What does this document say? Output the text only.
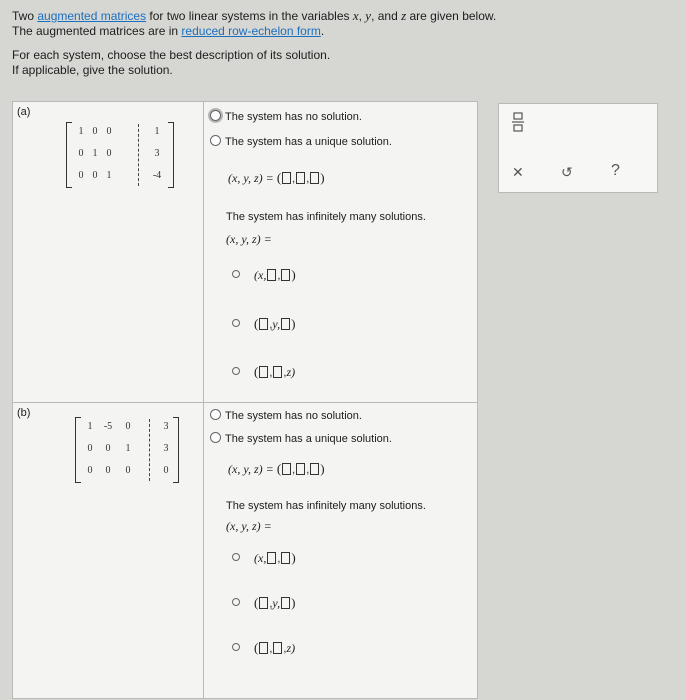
Two augmented matrices for two linear systems in the variables x, y, and z are given below.

The augmented matrices are in reduced row-echelon form.

For each system, choose the best description of its solution.

If applicable, give the solution.

(a)
1 0 0	1
0 1 0	3
0 0 1	-4
The system has no solution.
The system has a unique solution.
(x, y, z) = ( , , )
The system has infinitely many solutions.
(x, y, z) =
(x, , )
( ,y, )
( , ,z)
(b)
1	-5	0	3
0	0	1	3
0	0	0	0
The system has no solution.
The system has a unique solution.
(x, y, z) = ( , , )
The system has infinitely many solutions.
(x, y, z) =
(x, , )
( ,y, )
( , ,z)
✕	↺ ?
